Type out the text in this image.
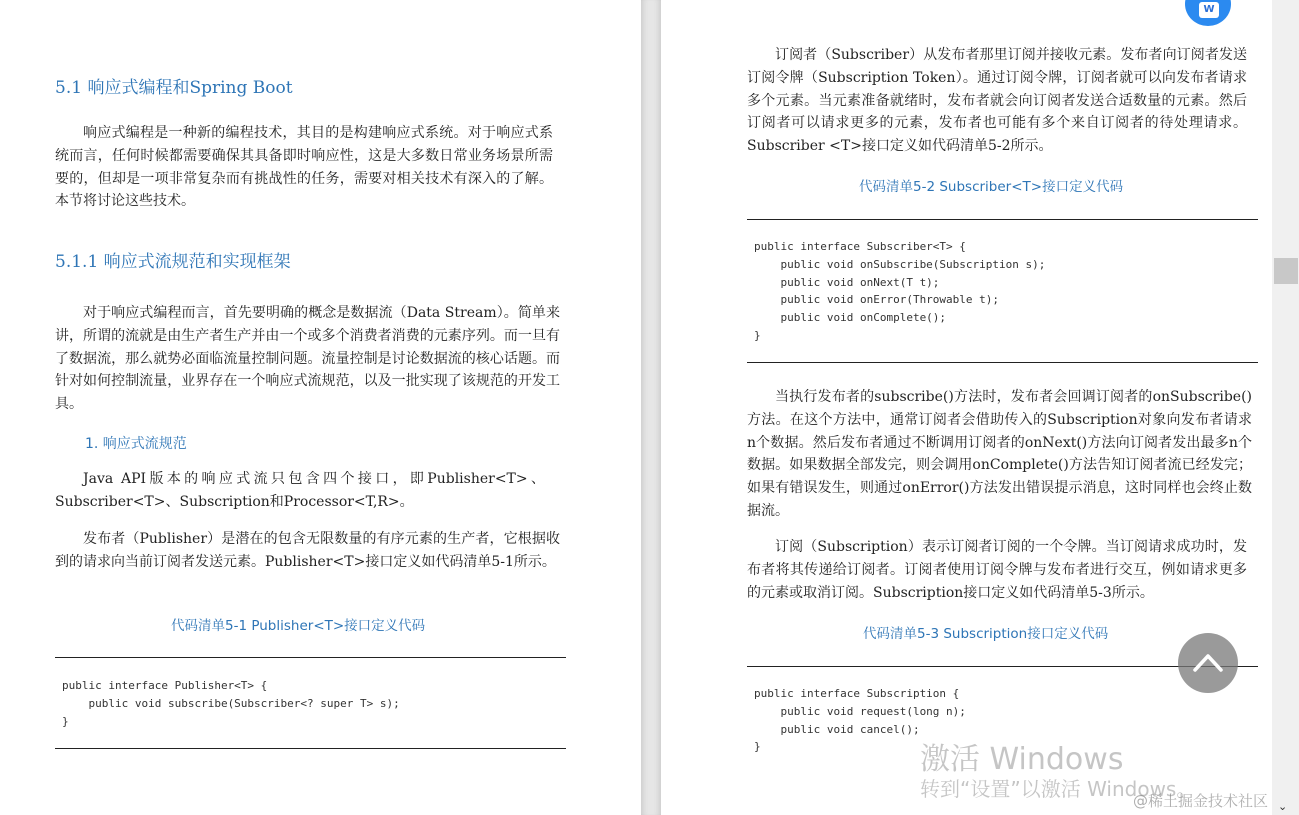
5.1 响应式编程和Spring Boot

响应式编程是一种新的编程技术，其目的是构建响应式系统。对于响应式系统而言，任何时候都需要确保其具备即时响应性，这是大多数日常业务场景所需要的，但却是一项非常复杂而有挑战性的任务，需要对相关技术有深入的了解。本节将讨论这些技术。

5.1.1 响应式流规范和实现框架

对于响应式编程而言，首先要明确的概念是数据流（Data Stream）。简单来讲，所谓的流就是由生产者生产并由一个或多个消费者消费的元素序列。而一旦有了数据流，那么就势必面临流量控制问题。流量控制是讨论数据流的核心话题。而针对如何控制流量，业界存在一个响应式流规范，以及一批实现了该规范的开发工具。

1. 响应式流规范

Java API版本的响应式流只包含四个接口，即Publisher<T>、Subscriber<T>、Subscription和Processor<T,R>。

发布者（Publisher）是潜在的包含无限数量的有序元素的生产者，它根据收到的请求向当前订阅者发送元素。Publisher<T>接口定义如代码清单5-1所示。

代码清单5-1 Publisher<T>接口定义代码
public interface Publisher<T> {
public void subscribe(Subscriber<? super T> s);
}

订阅者（Subscriber）从发布者那里订阅并接收元素。发布者向订阅者发送订阅令牌（Subscription Token）。通过订阅令牌，订阅者就可以向发布者请求多个元素。当元素准备就绪时，发布者就会向订阅者发送合适数量的元素。然后订阅者可以请求更多的元素，发布者也可能有多个来自订阅者的待处理请求。Subscriber <T>接口定义如代码清单5-2所示。

代码清单5-2 Subscriber<T>接口定义代码
public interface Subscriber<T> {
public void onSubscribe(Subscription s);
public void onNext(T t);
public void onError(Throwable t);
public void onComplete();
}

当执行发布者的subscribe()方法时，发布者会回调订阅者的onSubscribe()方法。在这个方法中，通常订阅者会借助传入的Subscription对象向发布者请求n个数据。然后发布者通过不断调用订阅者的onNext()方法向订阅者发出最多n个数据。如果数据全部发完，则会调用onComplete()方法告知订阅者流已经发完；如果有错误发生，则通过onError()方法发出错误提示消息，这时同样也会终止数据流。

订阅（Subscription）表示订阅者订阅的一个令牌。当订阅请求成功时，发布者将其传递给订阅者。订阅者使用订阅令牌与发布者进行交互，例如请求更多的元素或取消订阅。Subscription接口定义如代码清单5-3所示。

代码清单5-3 Subscription接口定义代码
public interface Subscription {
public void request(long n);
public void cancel();
}
W
⌄
激活 Windows
转到“设置”以激活 Windows。
@稀土掘金技术社区
